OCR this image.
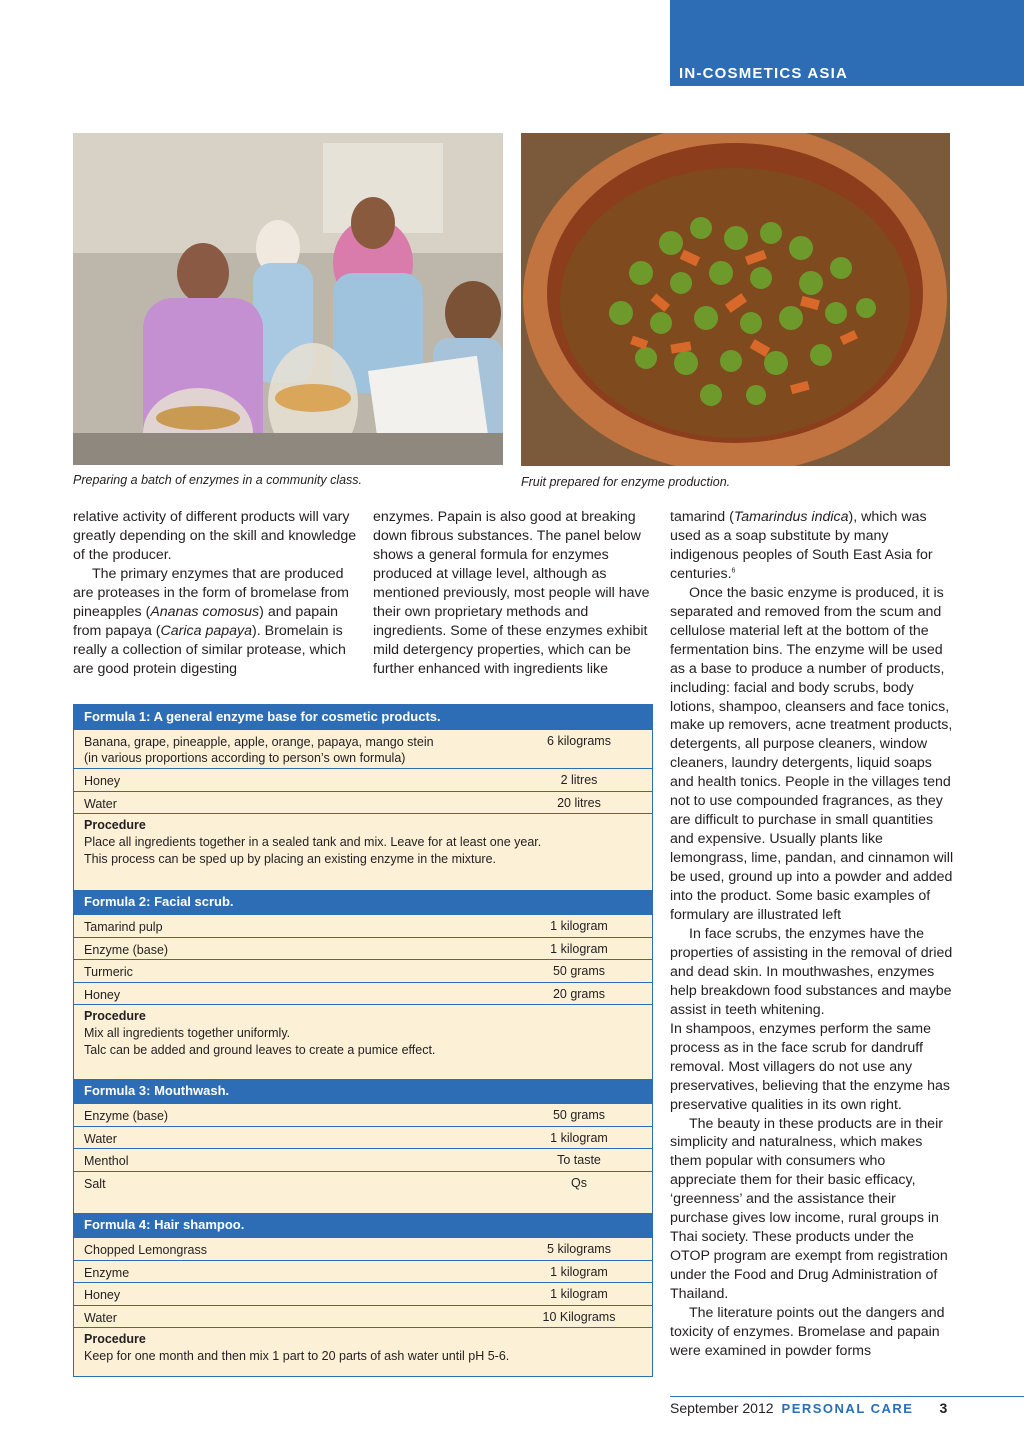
IN-COSMETICS ASIA
Preparing a batch of enzymes in a community class.	Fruit prepared for enzyme production.

relative activity of different products will vary greatly depending on the skill and knowledge of the producer.

The primary enzymes that are produced are proteases in the form of bromelase from pineapples (Ananas comosus) and papain from papaya (Carica papaya). Bromelain is really a collection of similar protease, which are good protein digesting

enzymes. Papain is also good at breaking down fibrous substances. The panel below shows a general formula for enzymes produced at village level, although as mentioned previously, most people will have their own proprietary methods and ingredients. Some of these enzymes exhibit mild detergency properties, which can be further enhanced with ingredients like

tamarind (Tamarindus indica), which was used as a soap substitute by many indigenous peoples of South East Asia for centuries.$^6$

Once the basic enzyme is produced, it is separated and removed from the scum and cellulose material left at the bottom of the fermentation bins. The enzyme will be used as a base to produce a number of products, including: facial and body scrubs, body lotions, shampoo, cleansers and face tonics, make up removers, acne treatment products, detergents, all purpose cleaners, window cleaners, laundry detergents, liquid soaps and health tonics. People in the villages tend not to use compounded fragrances, as they are difficult to purchase in small quantities and expensive. Usually plants like lemongrass, lime, pandan, and cinnamon will be used, ground up into a powder and added into the product. Some basic examples of formulary are illustrated left

In face scrubs, the enzymes have the properties of assisting in the removal of dried and dead skin. In mouthwashes, enzymes help breakdown food substances and maybe assist in teeth whitening.

In shampoos, enzymes perform the same process as in the face scrub for dandruff removal. Most villagers do not use any preservatives, believing that the enzyme has preservative qualities in its own right.

The beauty in these products are in their simplicity and naturalness, which makes them popular with consumers who appreciate them for their basic efficacy, ‘greenness’ and the assistance their purchase gives low income, rural groups in Thai society. These products under the OTOP program are exempt from registration under the Food and Drug Administration of Thailand.

The literature points out the dangers and toxicity of enzymes. Bromelase and papain were examined in powder forms

Formula 1: A general enzyme base for cosmetic products.
Banana, grape, pineapple, apple, orange, papaya, mango stein
(in various proportions according to person’s own formula)
6 kilograms
Honey	2 litres
Water	20 litres
Procedure
Place all ingredients together in a sealed tank and mix. Leave for at least one year.
This process can be sped up by placing an existing enzyme in the mixture.
Formula 2: Facial scrub.
Tamarind pulp	1 kilogram
Enzyme (base)	1 kilogram
Turmeric	50 grams
Honey	20 grams
Procedure
Mix all ingredients together uniformly.
Talc can be added and ground leaves to create a pumice effect.
Formula 3: Mouthwash.
Enzyme (base)	50 grams
Water	1 kilogram
Menthol	To taste
Salt	Qs
Formula 4: Hair shampoo.
Chopped Lemongrass	5 kilograms
Enzyme	1 kilogram
Honey	1 kilogram
Water	10 Kilograms
Procedure
Keep for one month and then mix 1 part to 20 parts of ash water until pH 5-6.
September 2012 PERSONAL CARE 3
